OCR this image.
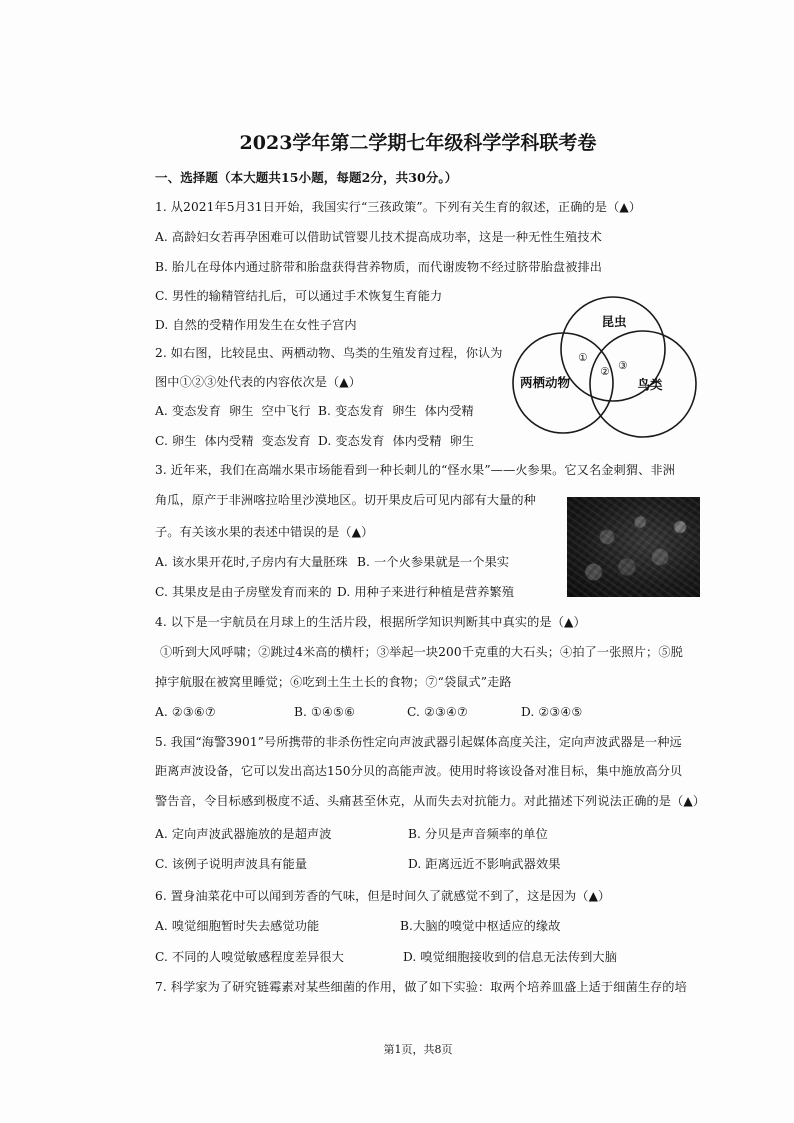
2023学年第二学期七年级科学学科联考卷
一、选择题（本大题共15小题，每题2分，共30分。）
1. 从2021年5月31日开始，我国实行“三孩政策”。下列有关生育的叙述，正确的是（▲）
A. 高龄妇女若再孕困难可以借助试管婴儿技术提高成功率，这是一种无性生殖技术
B. 胎儿在母体内通过脐带和胎盘获得营养物质，而代谢废物不经过脐带胎盘被排出
C. 男性的输精管结扎后，可以通过手术恢复生育能力
D. 自然的受精作用发生在女性子宫内
2. 如右图，比较昆虫、两栖动物、鸟类的生殖发育过程，你认为
图中①②③处代表的内容依次是（▲）
A. 变态发育  卵生  空中飞行 B. 变态发育  卵生  体内受精
C. 卵生  体内受精  变态发育 D. 变态发育  体内受精  卵生
昆虫
两栖动物	鸟类
①
② ③
3. 近年来，我们在高端水果市场能看到一种长刺儿的“怪水果”——火参果。它又名金刺猬、非洲
角瓜，原产于非洲喀拉哈里沙漠地区。切开果皮后可见内部有大量的种
子。有关该水果的表述中错误的是（▲）
A. 该水果开花时,子房内有大量胚珠 B. 一个火参果就是一个果实
C. 其果皮是由子房壁发育而来的 D. 用种子来进行种植是营养繁殖
4. 以下是一宇航员在月球上的生活片段，根据所学知识判断其中真实的是（▲）
①听到大风呼啸；②跳过4米高的横杆；③举起一块200千克重的大石头；④拍了一张照片；⑤脱
掉宇航服在被窝里睡觉；⑥吃到土生土长的食物；⑦“袋鼠式”走路
A. ②③⑥⑦	B. ①④⑤⑥	C. ②③④⑦	D. ②③④⑤
5. 我国“海警3901”号所携带的非杀伤性定向声波武器引起媒体高度关注，定向声波武器是一种远
距离声波设备，它可以发出高达150分贝的高能声波。使用时将该设备对准目标，集中施放高分贝
警告音，令目标感到极度不适、头痛甚至休克，从而失去对抗能力。对此描述下列说法正确的是（▲）
A. 定向声波武器施放的是超声波	B. 分贝是声音频率的单位
C. 该例子说明声波具有能量	D. 距离远近不影响武器效果
6. 置身油菜花中可以闻到芳香的气味，但是时间久了就感觉不到了，这是因为（▲）
A. 嗅觉细胞暂时失去感觉功能	B.大脑的嗅觉中枢适应的缘故
C. 不同的人嗅觉敏感程度差异很大	D. 嗅觉细胞接收到的信息无法传到大脑
7. 科学家为了研究链霉素对某些细菌的作用，做了如下实验：取两个培养皿盛上适于细菌生存的培
第1页，共8页
